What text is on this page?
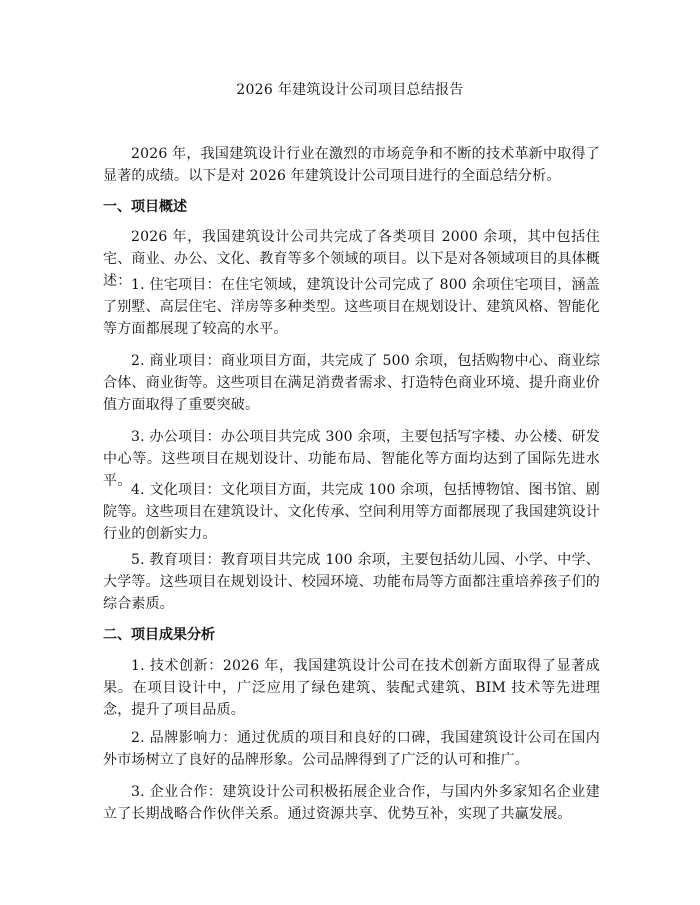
2026 年建筑设计公司项目总结报告

2026 年，我国建筑设计行业在激烈的市场竞争和不断的技术革新中取得了显著的成绩。以下是对 2026 年建筑设计公司项目进行的全面总结分析。

一、项目概述

2026 年，我国建筑设计公司共完成了各类项目 2000 余项，其中包括住宅、商业、办公、文化、教育等多个领域的项目。以下是对各领域项目的具体概述： 1. 住宅项目：在住宅领域，建筑设计公司完成了 800 余项住宅项目，涵盖了别墅、高层住宅、洋房等多种类型。这些项目在规划设计、建筑风格、智能化等方面都展现了较高的水平。

2. 商业项目：商业项目方面，共完成了 500 余项，包括购物中心、商业综合体、商业街等。这些项目在满足消费者需求、打造特色商业环境、提升商业价值方面取得了重要突破。

3. 办公项目：办公项目共完成 300 余项，主要包括写字楼、办公楼、研发中心等。这些项目在规划设计、功能布局、智能化等方面均达到了国际先进水平。

4. 文化项目：文化项目方面，共完成 100 余项，包括博物馆、图书馆、剧院等。这些项目在建筑设计、文化传承、空间利用等方面都展现了我国建筑设计行业的创新实力。

5. 教育项目：教育项目共完成 100 余项，主要包括幼儿园、小学、中学、大学等。这些项目在规划设计、校园环境、功能布局等方面都注重培养孩子们的综合素质。

二、项目成果分析

1. 技术创新：2026 年，我国建筑设计公司在技术创新方面取得了显著成果。在项目设计中，广泛应用了绿色建筑、装配式建筑、BIM 技术等先进理念，提升了项目品质。

2. 品牌影响力：通过优质的项目和良好的口碑，我国建筑设计公司在国内外市场树立了良好的品牌形象。公司品牌得到了广泛的认可和推广。

3. 企业合作：建筑设计公司积极拓展企业合作，与国内外多家知名企业建立了长期战略合作伙伴关系。通过资源共享、优势互补，实现了共赢发展。
